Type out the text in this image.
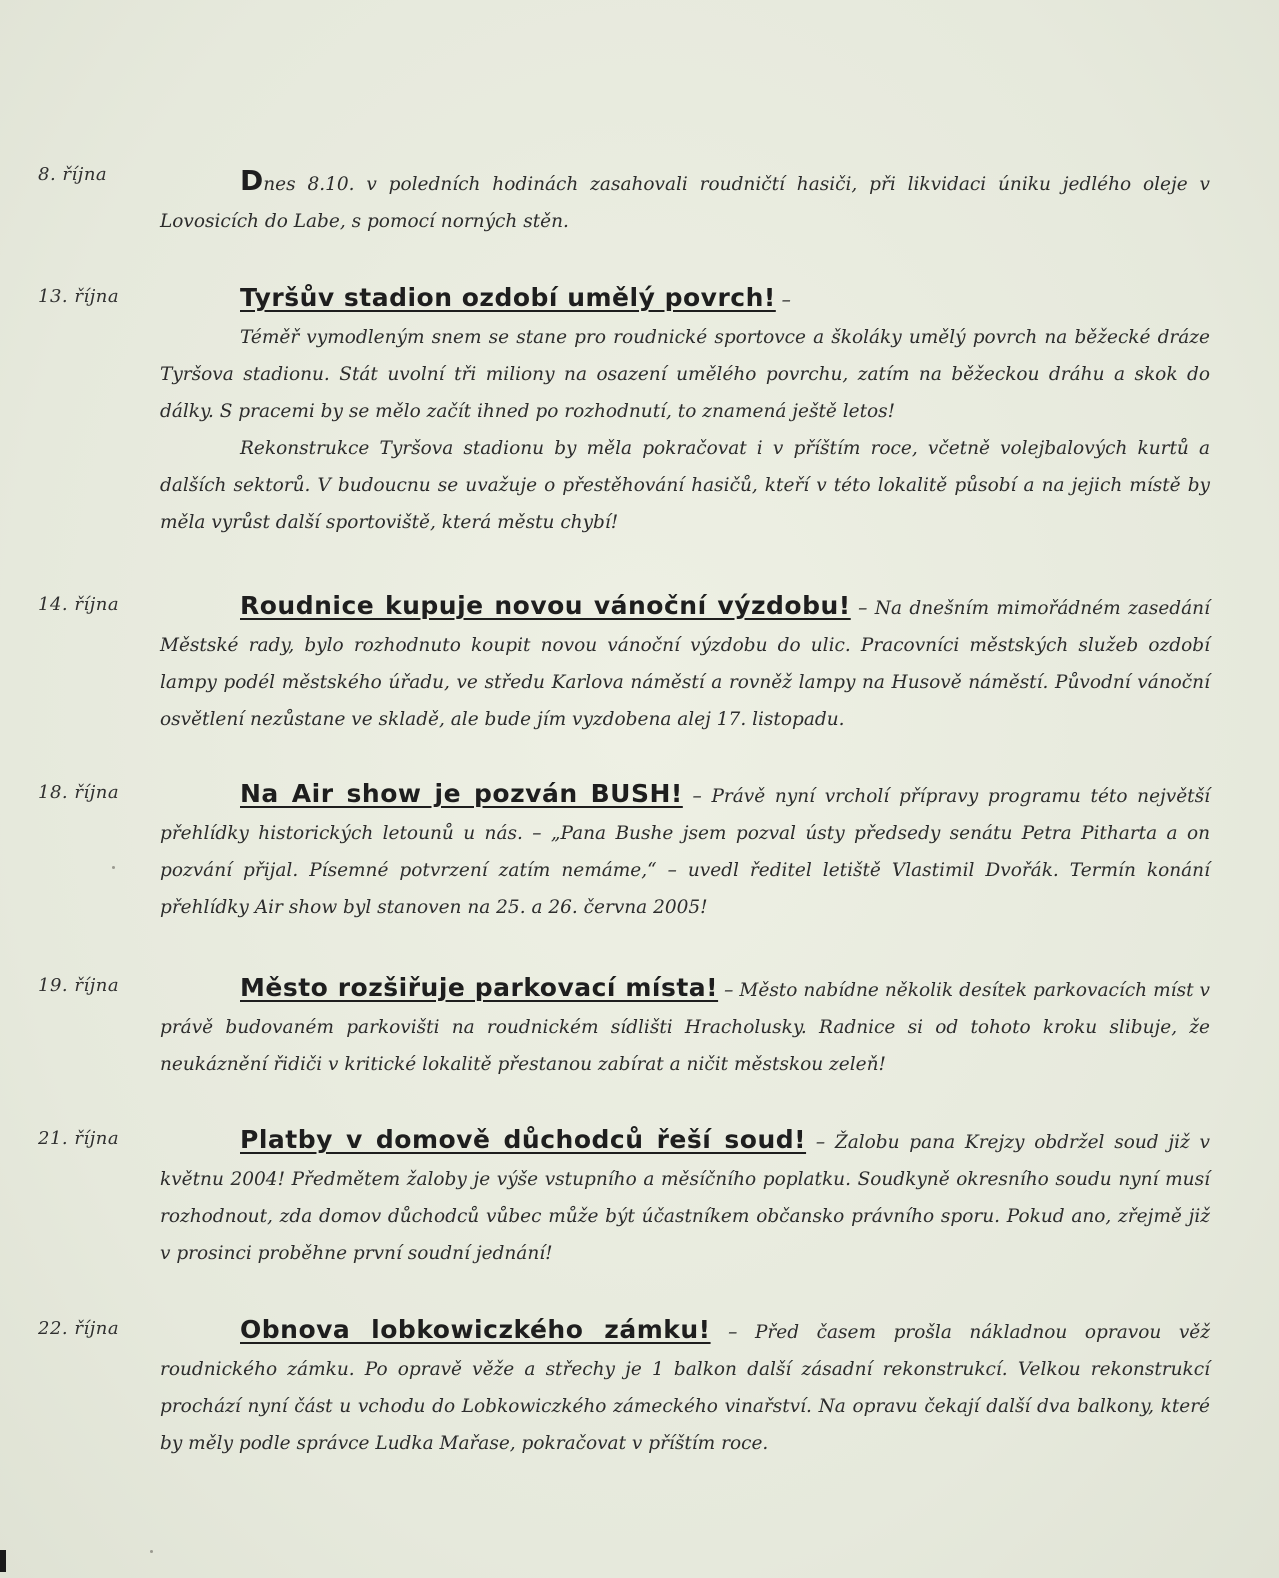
8. října	Dnes 8.10. v poledních hodinách zasahovali roudničtí hasiči, při likvidaci úniku jedlého oleje v Lovosicích do Labe, s pomocí norných stěn.
13. října	Tyršův stadion ozdobí umělý povrch! –

Téměř vymodleným snem se stane pro roudnické sportovce a školáky umělý povrch na běžecké dráze Tyršova stadionu. Stát uvolní tři miliony na osazení umělého povrchu, zatím na běžeckou dráhu a skok do dálky. S pracemi by se mělo začít ihned po rozhodnutí, to znamená ještě letos!
Rekonstrukce Tyršova stadionu by měla pokračovat i v příštím roce, včetně volejbalových kurtů a dalších sektorů. V budoucnu se uvažuje o přestěhování hasičů, kteří v této lokalitě působí a na jejich místě by měla vyrůst další sportoviště, která městu chybí!
14. října	Roudnice kupuje novou vánoční výzdobu! – Na dnešním mimořádném zasedání Městské rady, bylo rozhodnuto koupit novou vánoční výzdobu do ulic. Pracovníci městských služeb ozdobí lampy podél městského úřadu, ve středu Karlova náměstí a rovněž lampy na Husově náměstí. Původní vánoční osvětlení nezůstane ve skladě, ale bude jím vyzdobena alej 17. listopadu.
18. října	Na Air show je pozván BUSH! – Právě nyní vrcholí přípravy programu této největší přehlídky historických letounů u nás. – „Pana Bushe jsem pozval ústy předsedy senátu Petra Pitharta a on pozvání přijal. Písemné potvrzení zatím nemáme,“ – uvedl ředitel letiště Vlastimil Dvořák. Termín konání přehlídky Air show byl stanoven na 25. a 26. června 2005!
19. října	Město rozšiřuje parkovací místa! – Město nabídne několik desítek parkovacích míst v právě budovaném parkovišti na roudnickém sídlišti Hracholusky. Radnice si od tohoto kroku slibuje, že neukáznění řidiči v kritické lokalitě přestanou zabírat a ničit městskou zeleň!
21. října	Platby v domově důchodců řeší soud! – Žalobu pana Krejzy obdržel soud již v květnu 2004! Předmětem žaloby je výše vstupního a měsíčního poplatku. Soudkyně okresního soudu nyní musí rozhodnout, zda domov důchodců vůbec může být účastníkem občansko právního sporu. Pokud ano, zřejmě již v prosinci proběhne první soudní jednání!
22. října	Obnova lobkowiczkého zámku! – Před časem prošla nákladnou opravou věž roudnického zámku. Po opravě věže a střechy je 1 balkon další zásadní rekonstrukcí. Velkou rekonstrukcí prochází nyní část u vchodu do Lobkowiczkého zámeckého vinařství. Na opravu čekají další dva balkony, které by měly podle správce Ludka Mařase, pokračovat v příštím roce.
